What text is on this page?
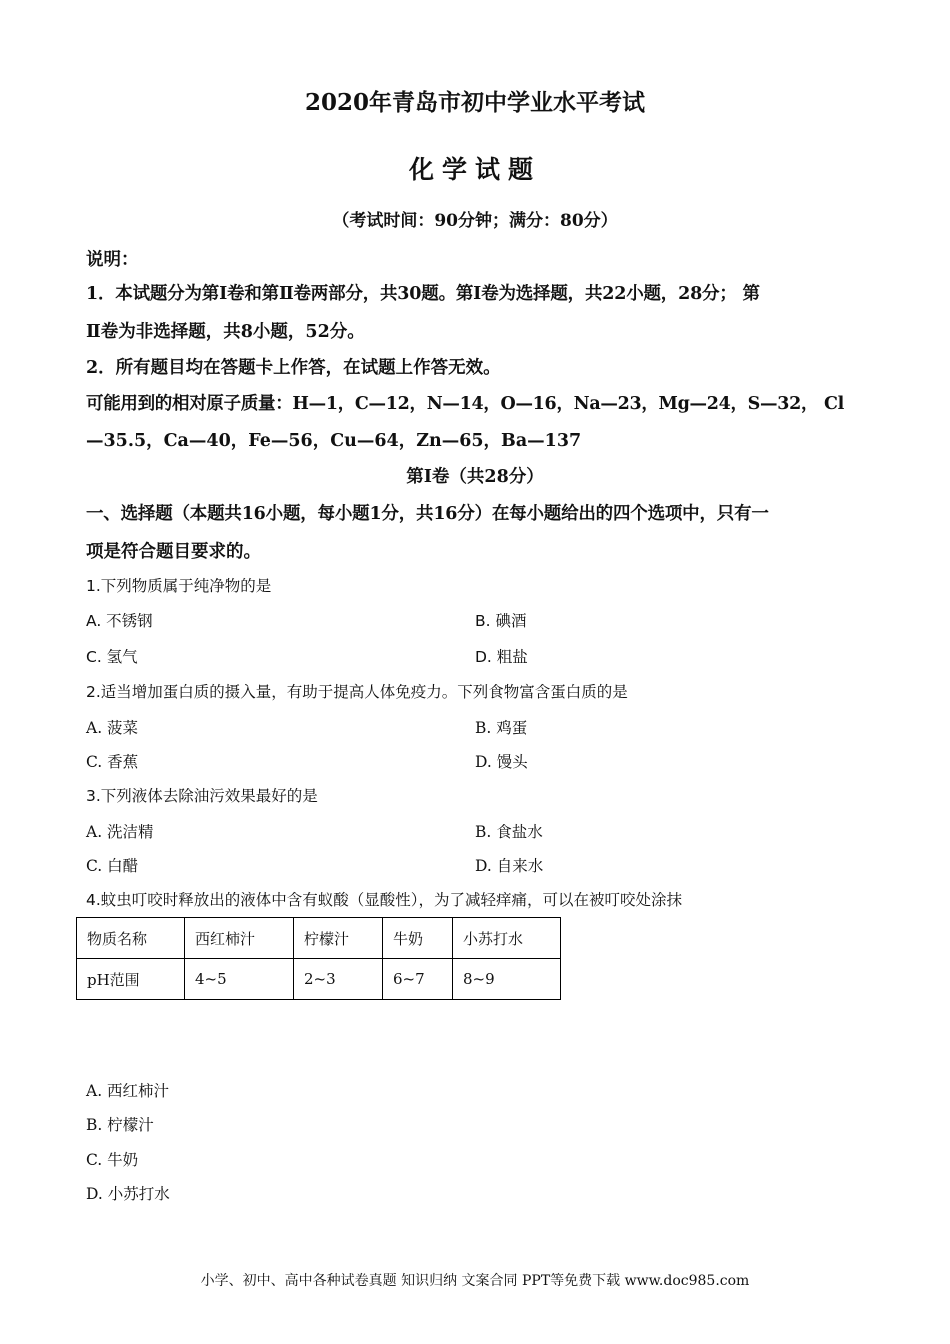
2020年青岛市初中学业水平考试
化学试题
（考试时间：90分钟；满分：80分）
说明：
1．本试题分为第Ⅰ卷和第Ⅱ卷两部分，共30题。第Ⅰ卷为选择题，共22小题，28分； 第
Ⅱ卷为非选择题，共8小题，52分。
2．所有题目均在答题卡上作答，在试题上作答无效。
可能用到的相对原子质量：H—1，C—12，N—14，O—16，Na—23，Mg—24，S—32， Cl
—35.5，Ca—40，Fe—56，Cu—64，Zn—65，Ba—137
第Ⅰ卷（共28分）
一、选择题（本题共16小题，每小题1分，共16分）在每小题给出的四个选项中，只有一
项是符合题目要求的。
1.下列物质属于纯净物的是
A. 不锈钢	B. 碘酒
C. 氢气	D. 粗盐
2.适当增加蛋白质的摄入量，有助于提高人体免疫力。下列食物富含蛋白质的是
A. 菠菜	B. 鸡蛋
C. 香蕉	D. 馒头
3.下列液体去除油污效果最好的是
A. 洗洁精	B. 食盐水
C. 白醋	D. 自来水
4.蚊虫叮咬时释放出的液体中含有蚁酸（显酸性），为了减轻痒痛，可以在被叮咬处涂抹
物质名称	西红柿汁	柠檬汁	牛奶	小苏打水
pH范围	4~5	2~3	6~7	8~9
A. 西红柿汁
B. 柠檬汁
C. 牛奶
D. 小苏打水
小学、初中、高中各种试卷真题 知识归纳 文案合同 PPT等免费下载 www.doc985.com
